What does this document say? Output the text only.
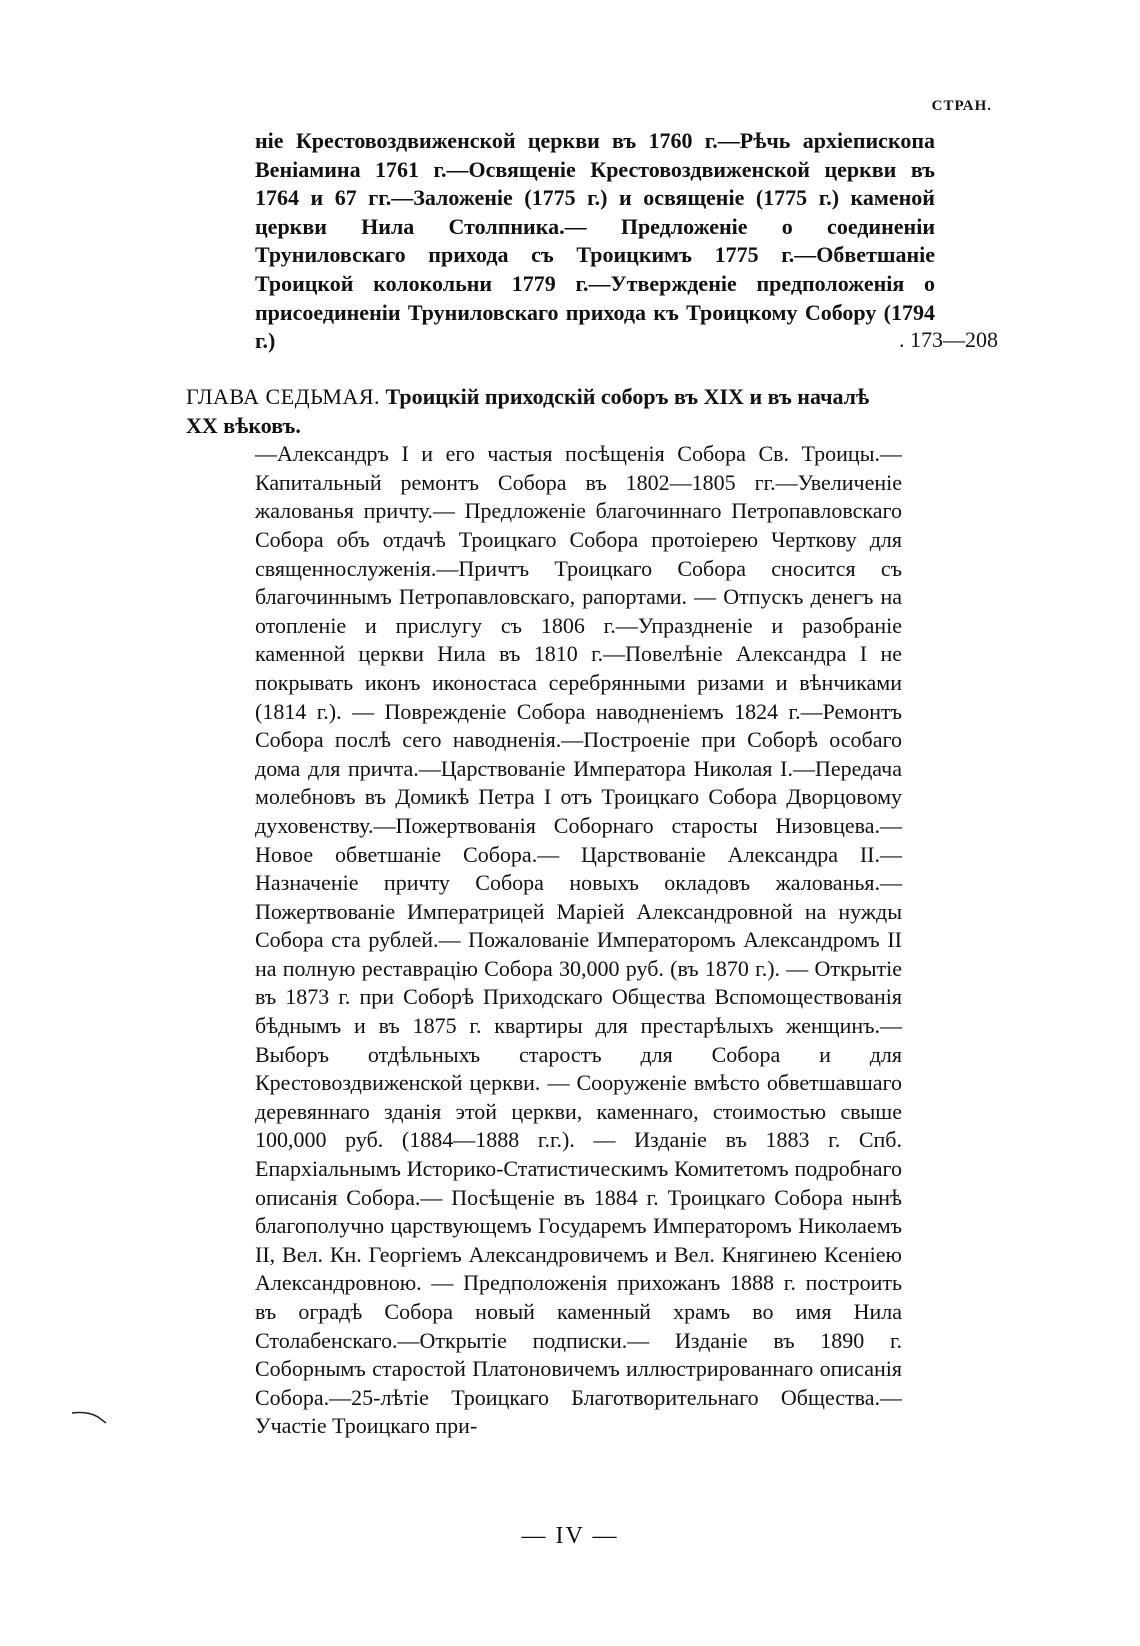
СТРАН.

ніе Крестовоздвиженской церкви въ 1760 г.—Рѣчь архіепископа Веніамина 1761 г.—Освященіе Крестовоздвиженской церкви въ 1764 и 67 гг.—Заложеніе (1775 г.) и освященіе (1775 г.) каменой церкви Нила Столпника.— Предложеніе о соединеніи Труниловскаго прихода съ Троицкимъ 1775 г.—Обветшаніе Троицкой колокольни 1779 г.—Утвержденіе предположенія о присоединеніи Труниловскаго прихода къ Троицкому Собору (1794 г.)	. 173—208

ГЛАВА СЕДЬМАЯ. Троицкій приходскій соборъ въ XIX и въ началѣ XX вѣковъ.

—Александръ I и его частыя посѣщенія Собора Св. Троицы.—Капитальный ремонтъ Собора въ 1802—1805 гг.—Увеличеніе жалованья причту.— Предложеніе благочиннаго Петропавловскаго Собора объ отдачѣ Троицкаго Собора протоіерею Черткову для священнослуженія.—Причтъ Троицкаго Собора сносится съ благочиннымъ Петропавловскаго, рапортами. — Отпускъ денегъ на отопленіе и прислугу съ 1806 г.—Упраздненіе и разобраніе каменной церкви Нила въ 1810 г.—Повелѣніе Александра I не покрывать иконъ иконостаса серебрянными ризами и вѣнчиками (1814 г.). — Поврежденіе Собора наводненіемъ 1824 г.—Ремонтъ Собора послѣ сего наводненія.—Построеніе при Соборѣ особаго дома для причта.—Царствованіе Императора Николая I.—Передача молебновъ въ Домикѣ Петра I отъ Троицкаго Собора Дворцовому духовенству.—Пожертвованія Соборнаго старосты Низовцева.—Новое обветшаніе Собора.— Царствованіе Александра II.—Назначеніе причту Собора новыхъ окладовъ жалованья.—Пожертвованіе Императрицей Маріей Александровной на нужды Собора ста рублей.— Пожалованіе Императоромъ Александромъ II на полную реставрацію Собора 30,000 руб. (въ 1870 г.). — Открытіе въ 1873 г. при Соборѣ Приходскаго Общества Вспомоществованія бѣднымъ и въ 1875 г. квартиры для престарѣлыхъ женщинъ.—Выборъ отдѣльныхъ старостъ для Собора и для Крестовоздвиженской церкви. — Сооруженіе вмѣсто обветшавшаго деревяннаго зданія этой церкви, каменнаго, стоимостью свыше 100,000 руб. (1884—1888 г.г.). — Изданіе въ 1883 г. Спб. Епархіальнымъ Историко-Статистическимъ Комитетомъ подробнаго описанія Собора.— Посѣщеніе въ 1884 г. Троицкаго Собора нынѣ благополучно царствующемъ Государемъ Императоромъ Николаемъ II, Вел. Кн. Георгіемъ Александровичемъ и Вел. Княгинею Ксеніею Александровною. — Предположенія прихожанъ 1888 г. построить въ оградѣ Собора новый каменный храмъ во имя Нила Столабенскаго.—Открытіе подписки.— Изданіе въ 1890 г. Соборнымъ старостой Платоновичемъ иллюстрированнаго описанія Собора.—25-лѣтіе Троицкаго Благотворительнаго Общества.—Участіе Троицкаго при-

— IV —
